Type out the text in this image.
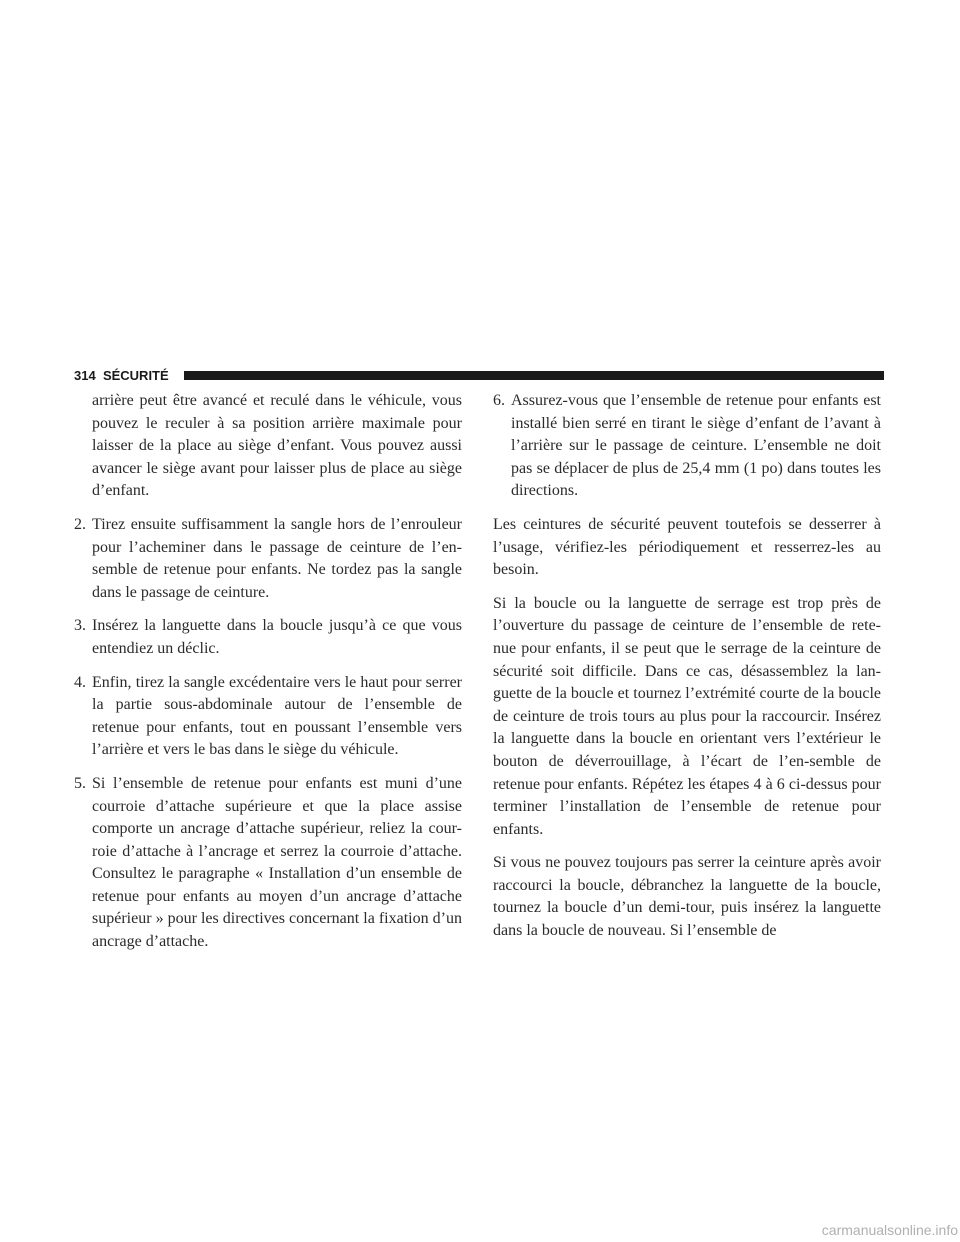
314 SÉCURITÉ

arrière peut être avancé et reculé dans le véhicule, vous pouvez le reculer à sa position arrière maximale pour laisser de la place au siège d’enfant. Vous pouvez aussi avancer le siège avant pour laisser plus de place au siège d’enfant.

2. Tirez ensuite suffisamment la sangle hors de l’enrouleur pour l’acheminer dans le passage de ceinture de l’en-semble de retenue pour enfants. Ne tordez pas la sangle dans le passage de ceinture.
3. Insérez la languette dans la boucle jusqu’à ce que vous entendiez un déclic.
4. Enfin, tirez la sangle excédentaire vers le haut pour serrer la partie sous-abdominale autour de l’ensemble de retenue pour enfants, tout en poussant l’ensemble vers l’arrière et vers le bas dans le siège du véhicule.
5. Si l’ensemble de retenue pour enfants est muni d’une courroie d’attache supérieure et que la place assise comporte un ancrage d’attache supérieur, reliez la cour-roie d’attache à l’ancrage et serrez la courroie d’attache. Consultez le paragraphe « Installation d’un ensemble de retenue pour enfants au moyen d’un ancrage d’attache supérieur » pour les directives concernant la fixation d’un ancrage d’attache.
6. Assurez-vous que l’ensemble de retenue pour enfants est installé bien serré en tirant le siège d’enfant de l’avant à l’arrière sur le passage de ceinture. L’ensemble ne doit pas se déplacer de plus de 25,4 mm (1 po) dans toutes les directions.

Les ceintures de sécurité peuvent toutefois se desserrer à l’usage, vérifiez-les périodiquement et resserrez-les au besoin.

Si la boucle ou la languette de serrage est trop près de l’ouverture du passage de ceinture de l’ensemble de rete-nue pour enfants, il se peut que le serrage de la ceinture de sécurité soit difficile. Dans ce cas, désassemblez la lan-guette de la boucle et tournez l’extrémité courte de la boucle de ceinture de trois tours au plus pour la raccourcir. Insérez la languette dans la boucle en orientant vers l’extérieur le bouton de déverrouillage, à l’écart de l’en-semble de retenue pour enfants. Répétez les étapes 4 à 6 ci-dessus pour terminer l’installation de l’ensemble de retenue pour enfants.

Si vous ne pouvez toujours pas serrer la ceinture après avoir raccourci la boucle, débranchez la languette de la boucle, tournez la boucle d’un demi-tour, puis insérez la languette dans la boucle de nouveau. Si l’ensemble de

carmanualsonline.info
